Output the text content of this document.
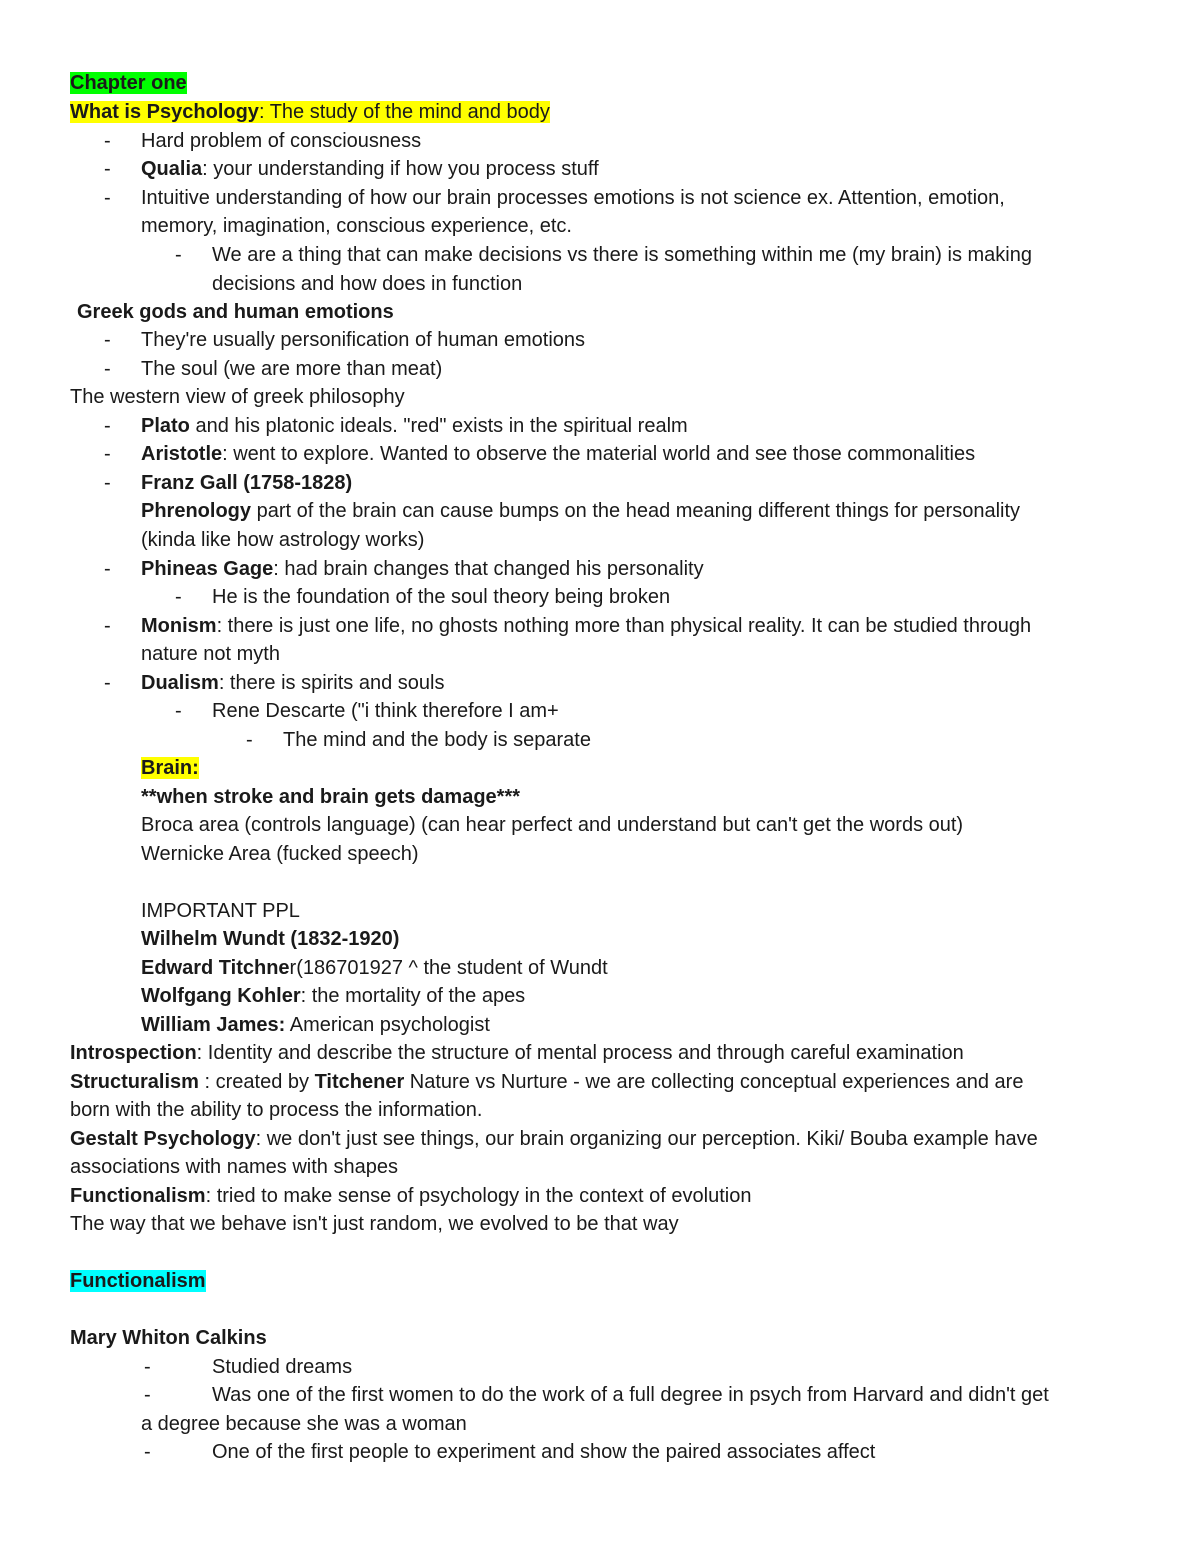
Chapter one
What is Psychology: The study of the mind and body
- Hard problem of consciousness
- Qualia: your understanding if how you process stuff
- Intuitive understanding of how our brain processes emotions is not science ex. Attention, emotion,
memory, imagination, conscious experience, etc.
- We are a thing that can make decisions vs there is something within me (my brain) is making
decisions and how does in function
Greek gods and human emotions
- They're usually personification of human emotions
- The soul (we are more than meat)
The western view of greek philosophy
- Plato and his platonic ideals. "red" exists in the spiritual realm
- Aristotle: went to explore. Wanted to observe the material world and see those commonalities
- Franz Gall (1758-1828)
Phrenology part of the brain can cause bumps on the head meaning different things for personality
(kinda like how astrology works)
- Phineas Gage: had brain changes that changed his personality
- He is the foundation of the soul theory being broken
- Monism: there is just one life, no ghosts nothing more than physical reality. It can be studied through
nature not myth
- Dualism: there is spirits and souls
- Rene Descarte ("i think therefore I am+
- The mind and the body is separate
Brain:
**when stroke and brain gets damage***
Broca area (controls language) (can hear perfect and understand but can't get the words out)
Wernicke Area (fucked speech)
IMPORTANT PPL
Wilhelm Wundt (1832-1920)
Edward Titchner(186701927 ^ the student of Wundt
Wolfgang Kohler: the mortality of the apes
William James: American psychologist
Introspection: Identity and describe the structure of mental process and through careful examination
Structuralism : created by Titchener Nature vs Nurture - we are collecting conceptual experiences and are
born with the ability to process the information.
Gestalt Psychology: we don't just see things, our brain organizing our perception. Kiki/ Bouba example have
associations with names with shapes
Functionalism: tried to make sense of psychology in the context of evolution
The way that we behave isn't just random, we evolved to be that way
Functionalism
Mary Whiton Calkins
-	Studied dreams
-	Was one of the first women to do the work of a full degree in psych from Harvard and didn't get
a degree because she was a woman
-	One of the first people to experiment and show the paired associates affect
